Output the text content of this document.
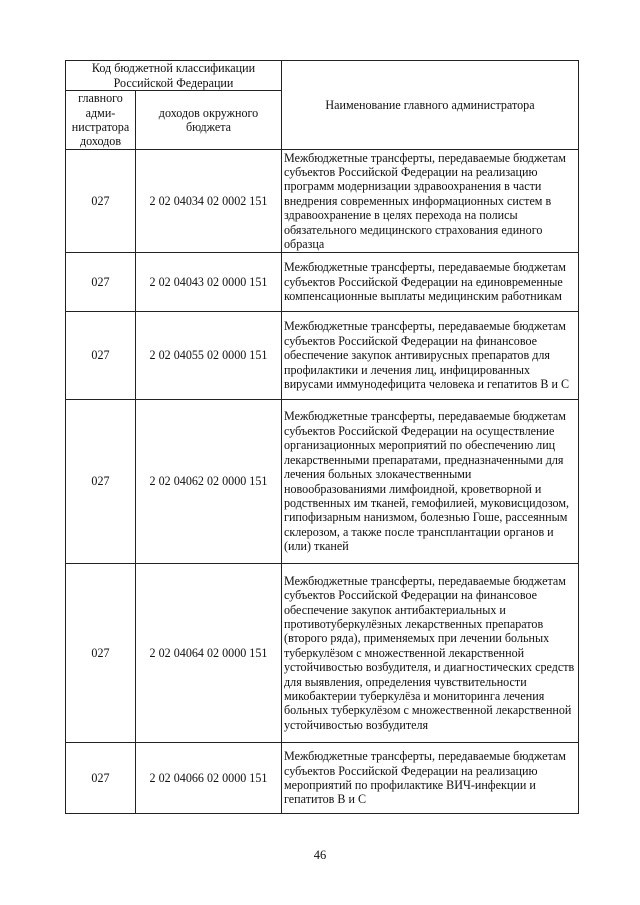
Код бюджетной классификации Российской Федерации		Наименование главного администратора
главного адми-нистратора доходов	доходов окружного бюджета	
027	2 02 04034 02 0002 151	Межбюджетные трансферты, передаваемые бюджетам субъектов Российской Федерации на реализацию программ модернизации здравоохранения в части внедрения современных информационных систем в здравоохранение в целях перехода на полисы обязательного медицинского страхования единого образца
027	2 02 04043 02 0000 151	Межбюджетные трансферты, передаваемые бюджетам субъектов Российской Федерации на единовременные компенсационные выплаты медицинским работникам
027	2 02 04055 02 0000 151	Межбюджетные трансферты, передаваемые бюджетам субъектов Российской Федерации на финансовое обеспечение закупок антивирусных препаратов для профилактики и лечения лиц, инфицированных вирусами иммунодефицита человека и гепатитов В и С
027	2 02 04062 02 0000 151	Межбюджетные трансферты, передаваемые бюджетам субъектов Российской Федерации на осуществление организационных мероприятий по обеспечению лиц лекарственными препаратами, предназначенными для лечения больных злокачественными новообразованиями лимфоидной, кроветворной и родственных им тканей, гемофилией, муковисцидозом, гипофизарным нанизмом, болезнью Гоше, рассеянным склерозом, а также после трансплантации органов и (или) тканей
027	2 02 04064 02 0000 151	Межбюджетные трансферты, передаваемые бюджетам субъектов Российской Федерации на финансовое обеспечение закупок антибактериальных и противотуберкулёзных лекарственных препаратов (второго ряда), применяемых при лечении больных туберкулёзом с множественной лекарственной устойчивостью возбудителя, и диагностических средств для выявления, определения чувствительности микобактерии туберкулёза и мониторинга лечения больных туберкулёзом с множественной лекарственной устойчивостью возбудителя
027	2 02 04066 02 0000 151	Межбюджетные трансферты, передаваемые бюджетам субъектов Российской Федерации на реализацию мероприятий по профилактике ВИЧ-инфекции и гепатитов В и С
46
